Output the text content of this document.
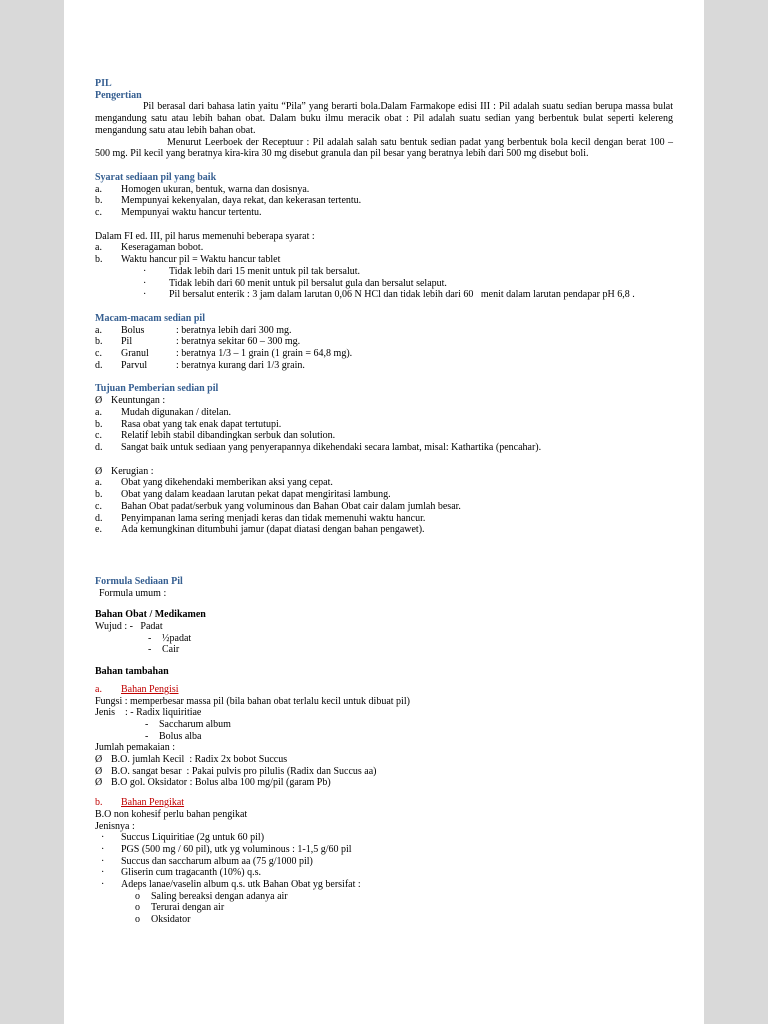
PIL
Pengertian
Pil berasal dari bahasa latin yaitu “Pila” yang berarti bola.Dalam Farmakope edisi III : Pil adalah suatu sedian berupa massa bulat mengandung satu atau lebih bahan obat. Dalam buku ilmu meracik obat : Pil adalah suatu sedian yang berbentuk bulat seperti kelereng mengandung satu atau lebih bahan obat.
Menurut Leerboek der Receptuur : Pil adalah salah satu bentuk sedian padat yang berbentuk bola kecil dengan berat 100 – 500 mg. Pil kecil yang beratnya kira-kira 30 mg disebut granula dan pil besar yang beratnya lebih dari 500 mg disebut boli.
Syarat sediaan pil yang baik
a.	Homogen ukuran, bentuk, warna dan dosisnya.
b.	Mempunyai kekenyalan, daya rekat, dan kekerasan tertentu.
c.	Mempunyai waktu hancur tertentu.
Dalam FI ed. III, pil harus memenuhi beberapa syarat :
a.	Keseragaman bobot.
b.	Waktu hancur pil = Waktu hancur tablet
·	Tidak lebih dari 15 menit untuk pil tak bersalut.
·	Tidak lebih dari 60 menit untuk pil bersalut gula dan bersalut selaput.
·	Pil bersalut enterik : 3 jam dalam larutan 0,06 N HCl dan tidak lebih dari 60   menit dalam larutan pendapar pH 6,8 .
Macam-macam sedian pil
a.	Bolus	: beratnya lebih dari 300 mg.
b.	Pil	: beratnya sekitar 60 – 300 mg.
c.	Granul	: beratnya 1/3 – 1 grain (1 grain = 64,8 mg).
d.	Parvul	: beratnya kurang dari 1/3 grain.
Tujuan Pemberian sedian pil
Ø Keuntungan :
a.	Mudah digunakan / ditelan.
b.	Rasa obat yang tak enak dapat tertutupi.
c.	Relatif lebih stabil dibandingkan serbuk dan solution.
d.	Sangat baik untuk sediaan yang penyerapannya dikehendaki secara lambat, misal: Kathartika (pencahar).
Ø Kerugian :
a.	Obat yang dikehendaki memberikan aksi yang cepat.
b.	Obat yang dalam keadaan larutan pekat dapat mengiritasi lambung.
c.	Bahan Obat padat/serbuk yang voluminous dan Bahan Obat cair dalam jumlah besar.
d.	Penyimpanan lama sering menjadi keras dan tidak memenuhi waktu hancur.
e.	Ada kemungkinan ditumbuhi jamur (dapat diatasi dengan bahan pengawet).
Formula Sediaan Pil
Formula umum :
Bahan Obat / Medikamen
Wujud : -   Padat
-	½padat
-	Cair
Bahan tambahan
a.	Bahan Pengisi
Fungsi : memperbesar massa pil (bila bahan obat terlalu kecil untuk dibuat pil)
Jenis    : - Radix liquiritiae
-	Saccharum album
-	Bolus alba
Jumlah pemakaian :
Ø B.O. jumlah Kecil  : Radix 2x bobot Succus
Ø B.O. sangat besar  : Pakai pulvis pro pilulis (Radix dan Succus aa)
Ø B.O gol. Oksidator : Bolus alba 100 mg/pil (garam Pb)
b.	Bahan Pengikat
B.O non kohesif perlu bahan pengikat
Jenisnya :
·	Succus Liquiritiae (2g untuk 60 pil)
·	PGS (500 mg / 60 pil), utk yg voluminous : 1-1,5 g/60 pil
·	Succus dan saccharum album aa (75 g/1000 pil)
·	Gliserin cum tragacanth (10%) q.s.
·	Adeps lanae/vaselin album q.s. utk Bahan Obat yg bersifat :
o	Saling bereaksi dengan adanya air
o	Terurai dengan air
o	Oksidator
